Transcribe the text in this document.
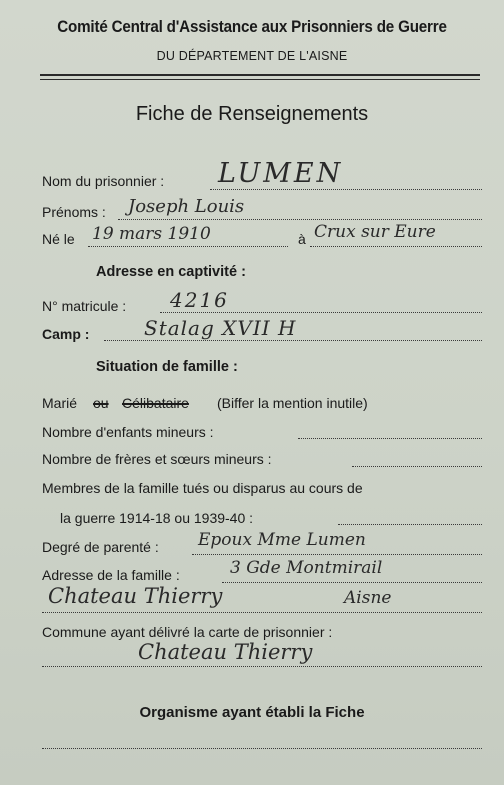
Comité Central d'Assistance aux Prisonniers de Guerre
DU DÉPARTEMENT DE L'AISNE
Fiche de Renseignements
Nom du prisonnier : LUMEN
Prénoms : Joseph Louis
Né le 19 mars 1910	à Crux sur Eure
Adresse en captivité :
N° matricule : 4216
Camp :	Stalag XVII H
Situation de famille :
Marié ou Célibataire (Biffer la mention inutile)
Nombre d'enfants mineurs :
Nombre de frères et sœurs mineurs :
Membres de la famille tués ou disparus au cours de
la guerre 1914-18 ou 1939-40 :
Degré de parenté : Epoux Mme Lumen
Adresse de la famille :	3 Gde Montmirail
Chateau Thierry	Aisne
Commune ayant délivré la carte de prisonnier :
Chateau Thierry
Organisme ayant établi la Fiche
